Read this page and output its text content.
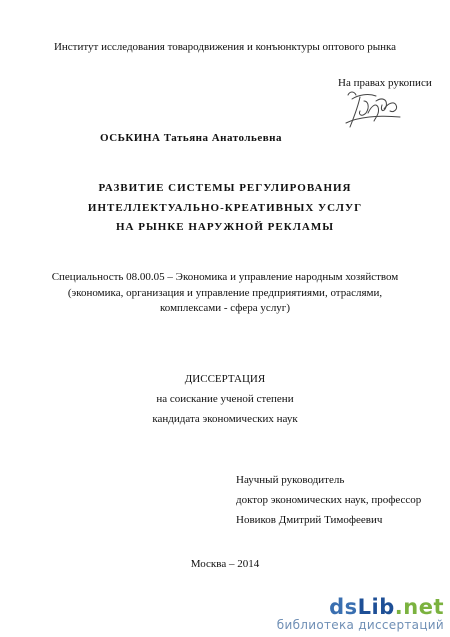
Институт исследования товародвижения и конъюнктуры оптового рынка
На правах рукописи
ОСЬКИНА Татьяна Анатольевна
РАЗВИТИЕ СИСТЕМЫ РЕГУЛИРОВАНИЯ
ИНТЕЛЛЕКТУАЛЬНО-КРЕАТИВНЫХ УСЛУГ
НА РЫНКЕ НАРУЖНОЙ РЕКЛАМЫ
Специальность 08.00.05 – Экономика и управление народным хозяйством
(экономика, организация и управление предприятиями, отраслями,
комплексами - сфера услуг)
ДИССЕРТАЦИЯ
на соискание ученой степени
кандидата экономических наук
Научный руководитель
доктор экономических наук, профессор
Новиков Дмитрий Тимофеевич
Москва – 2014
dsLib.net
библиотека диссертаций
